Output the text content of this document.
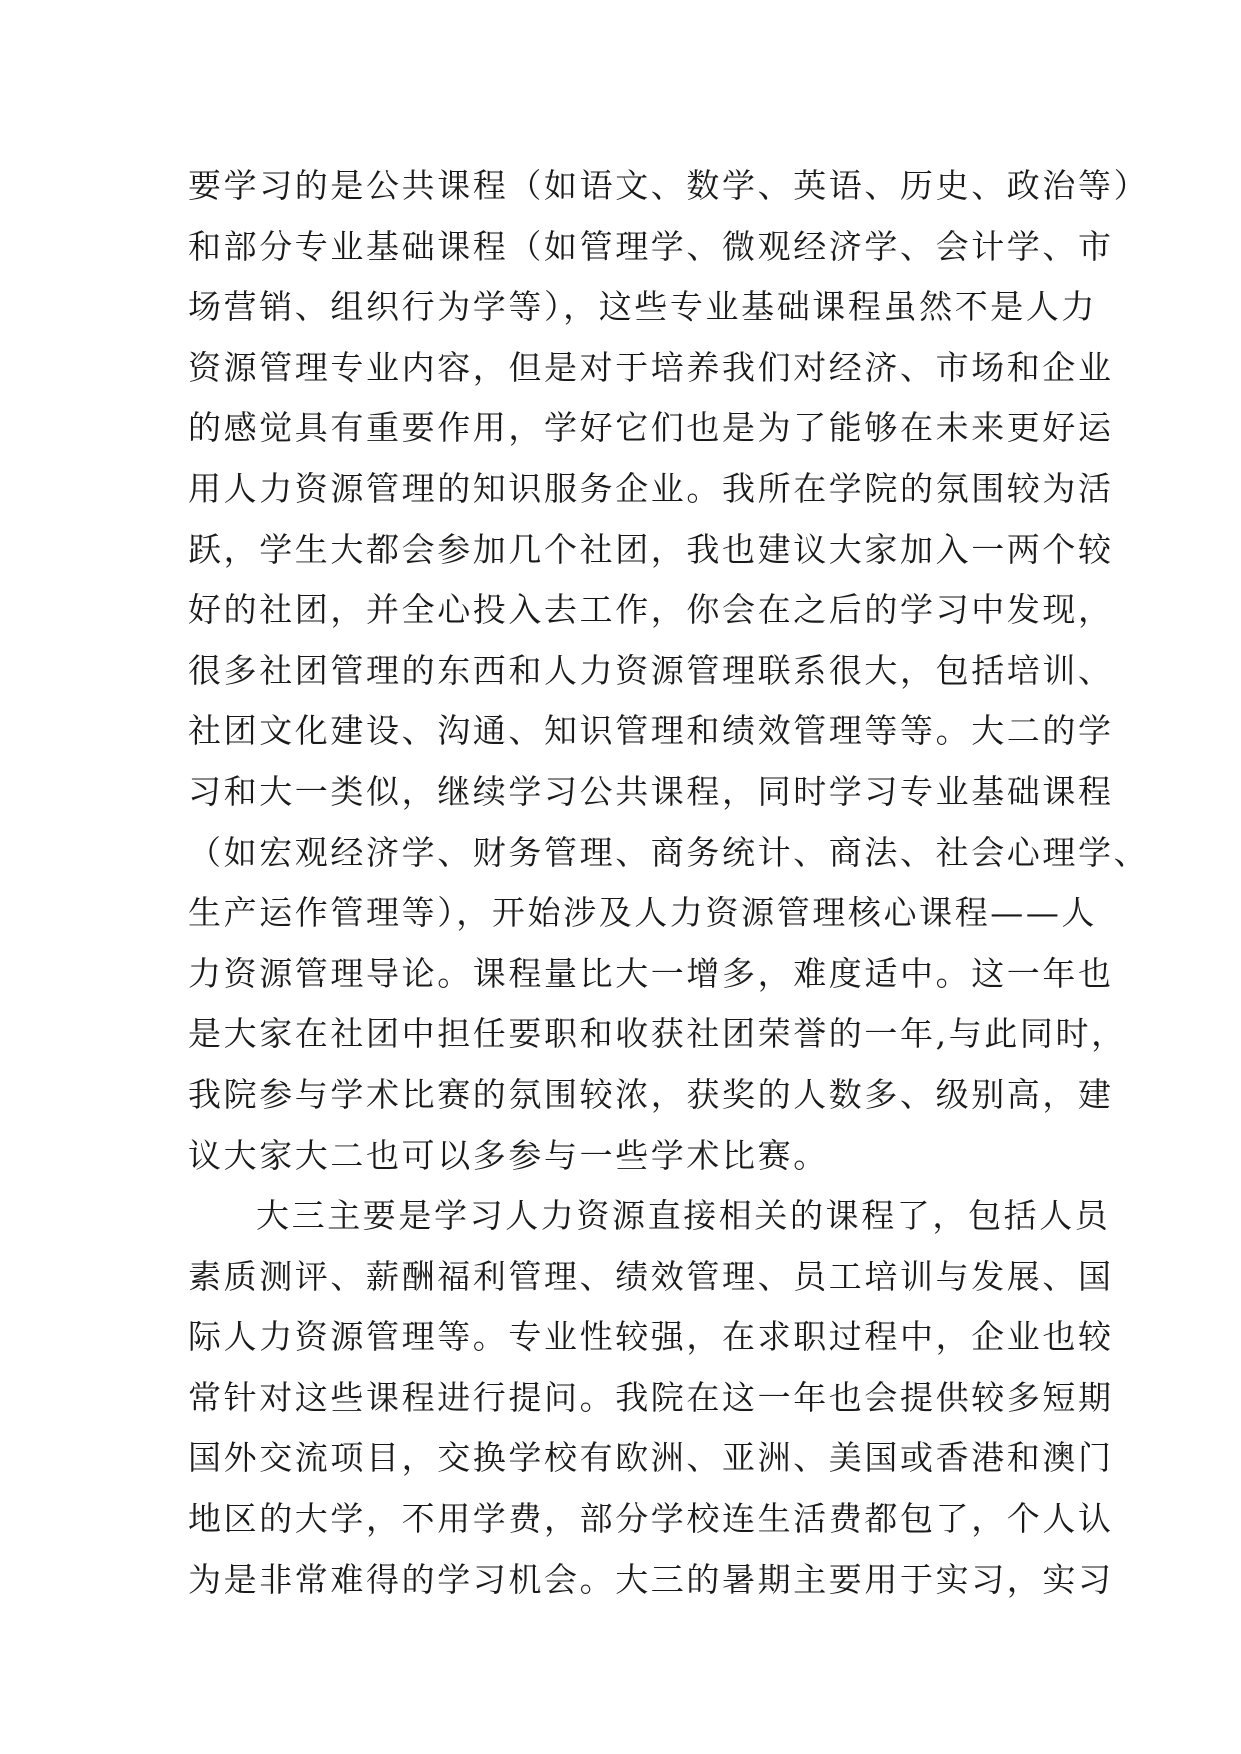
要学习的是公共课程（如语文、数学、英语、历史、政治等）
和部分专业基础课程（如管理学、微观经济学、会计学、市
场营销、组织行为学等），这些专业基础课程虽然不是人力
资源管理专业内容，但是对于培养我们对经济、市场和企业
的感觉具有重要作用，学好它们也是为了能够在未来更好运
用人力资源管理的知识服务企业。我所在学院的氛围较为活
跃，学生大都会参加几个社团，我也建议大家加入一两个较
好的社团，并全心投入去工作，你会在之后的学习中发现，
很多社团管理的东西和人力资源管理联系很大，包括培训、
社团文化建设、沟通、知识管理和绩效管理等等。大二的学
习和大一类似，继续学习公共课程，同时学习专业基础课程
（如宏观经济学、财务管理、商务统计、商法、社会心理学、
生产运作管理等），开始涉及人力资源管理核心课程——人
力资源管理导论。课程量比大一增多，难度适中。这一年也
是大家在社团中担任要职和收获社团荣誉的一年,与此同时，
我院参与学术比赛的氛围较浓，获奖的人数多、级别高，建
议大家大二也可以多参与一些学术比赛。
大三主要是学习人力资源直接相关的课程了，包括人员
素质测评、薪酬福利管理、绩效管理、员工培训与发展、国
际人力资源管理等。专业性较强，在求职过程中，企业也较
常针对这些课程进行提问。我院在这一年也会提供较多短期
国外交流项目，交换学校有欧洲、亚洲、美国或香港和澳门
地区的大学，不用学费，部分学校连生活费都包了，个人认
为是非常难得的学习机会。大三的暑期主要用于实习，实习
